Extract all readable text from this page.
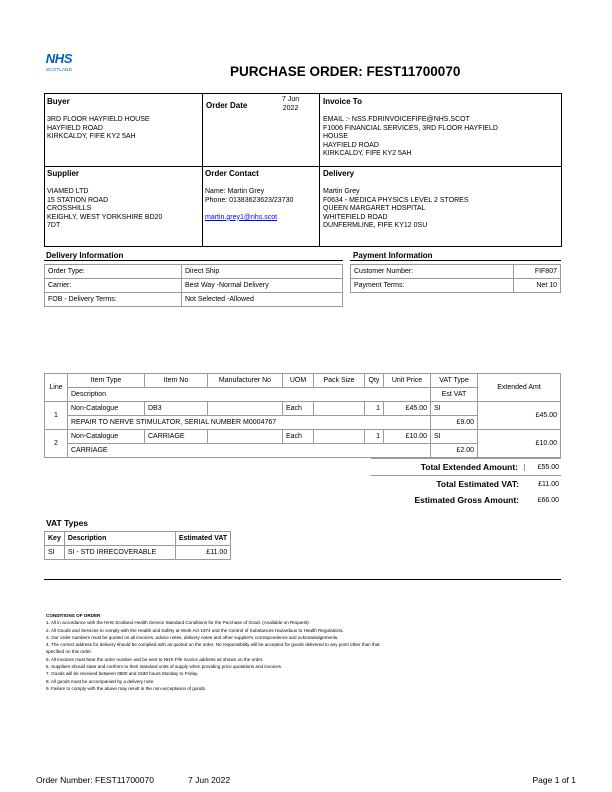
NHS
SCOTLAND	PURCHASE ORDER: FEST11700070
Buyer
3RD FLOOR HAYFIELD HOUSE
HAYFIELD ROAD
KIRKCALDY, FIFE KY2 5AH
Order Date
7 Jun
2022
Invoice To
EMAIL :- NSS.FDRINVOICEFIFE@NHS.SCOT
F1006 FINANCIAL SERVICES, 3RD FLOOR HAYFIELD
HOUSE
HAYFIELD ROAD
KIRKCALDY, FIFE KY2 5AH
Supplier
VIAMED LTD
15 STATION ROAD
CROSSHILLS
KEIGHLY, WEST YORKSHIRE BD20
7DT
Order Contact
Name: Martin Grey
Phone: 01383623623/23730
martin.grey1@nhs.scot
Delivery
Martin Grey
F0634 - MEDICA PHYSICS LEVEL 2 STORES
QUEEN MARGARET HOSPITAL
WHITEFIELD ROAD
DUNFERMLINE, FIFE KY12 0SU
Delivery Information
Order Type:	Direct Ship
Carrier:	Best Way -Normal Delivery
FOB - Delivery Terms:	Not Selected -Allowed
Payment Information
Customer Number:	FIF807
Payment Terms:	Net 10
Line	Item Type	Item No	Manufacturer No	UOM	Pack Size	Qty	Unit Price	VAT Type	Extended Amt
	Description							Est VAT	
1	Non-Catalogue	DB3		Each		1	£45.00	SI	£45.00
	REPAIR TO NERVE STIMULATOR, SERIAL NUMBER M0004767							£9.00	
2	Non-Catalogue	CARRIAGE		Each		1	£10.00	SI	£10.00
	CARRIAGE							£2.00	
Total Extended Amount:	£55.00
Total Estimated VAT:	£11.00
Estimated Gross Amount:	£66.00
VAT Types
Key	Description	Estimated VAT
SI	SI - STD IRRECOVERABLE	£11.00
CONDITIONS OF ORDER
1. All in accordance with the NHS Scotland Health Service Standard Conditions for the Purchase of Good. (Available on Request).
2. All Goods and Services to comply with the Health and Safety at Work Act 1974 and the Control of Substances Hazardous to Health Regulations.
3. Our order numbers must be quoted on all invoices, advice notes, delivery notes and other supplier's correspondence and acknowledgements.
4. The correct address for delivery should be complied with as quoted on the order. No responsibility will be accepted for goods delivered to any point other than that
specified on this order.
5. All invoices must bear the order number and be sent to NHS Fife invoice address as shown on the order.
6. Suppliers should state and conform to their standard units of supply when providing price quotations and invoices.
7. Goods will be received between 0800 and 1530 hours Monday to Friday.
8. All goods must be accompanied by a delivery note.
9. Failure to comply with the above may result in the non-acceptance of goods.
Order Number: FEST11700070	7 Jun 2022	Page 1 of 1
